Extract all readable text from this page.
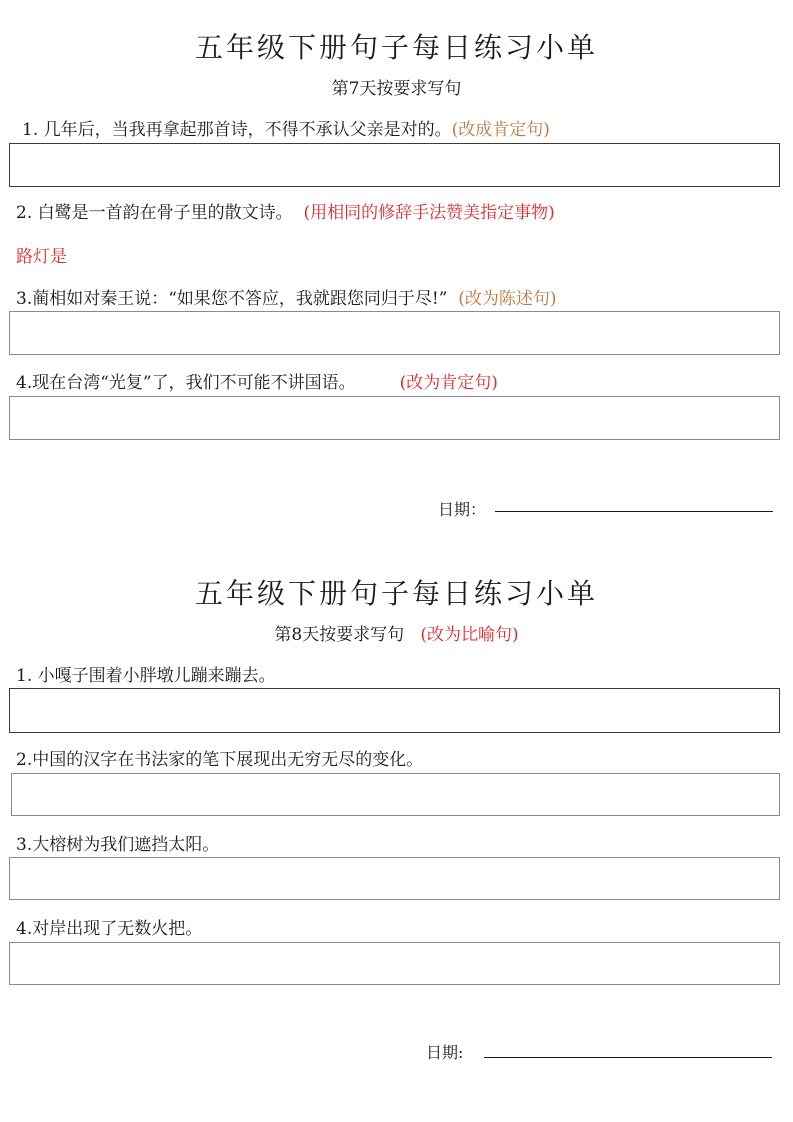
五年级下册句子每日练习小单
第7天按要求写句
1. 几年后，当我再拿起那首诗，不得不承认父亲是对的。(改成肯定句)
2. 白鹭是一首韵在骨子里的散文诗。 (用相同的修辞手法赞美指定事物)
路灯是
3.蔺相如对秦王说：“如果您不答应，我就跟您同归于尽!” (改为陈述句)
4.现在台湾“光复”了，我们不可能不讲国语。	(改为肯定句)
日期：
五年级下册句子每日练习小单
第8天按要求写句 (改为比喻句)
1. 小嘎子围着小胖墩儿蹦来蹦去。
2.中国的汉字在书法家的笔下展现出无穷无尽的变化。
3.大榕树为我们遮挡太阳。
4.对岸出现了无数火把。
日期:
